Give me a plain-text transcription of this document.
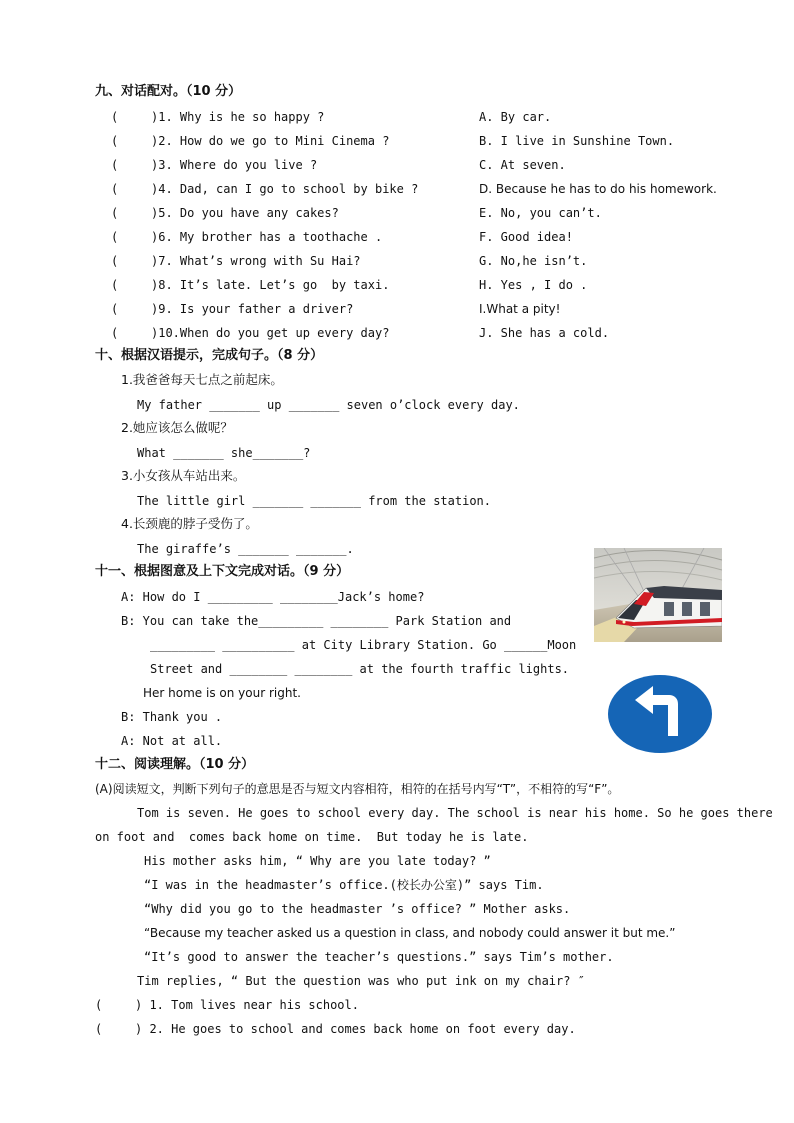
九、对话配对。（10 分）
(	)1. Why is he so happy ?	A. By car.
(	)2. How do we go to Mini Cinema ?	B. I live in Sunshine Town.
(	)3. Where do you live ?	C. At seven.
(	)4. Dad, can I go to school by bike ?	D. Because he has to do his homework.
(	)5. Do you have any cakes?	E. No, you can’t.
(	)6. My brother has a toothache .	F. Good idea!
(	)7. What’s wrong with Su Hai?	G. No,he isn’t.
(	)8. It’s late. Let’s go  by taxi.	H. Yes , I do .
(	)9. Is your father a driver?	I.What a pity!
(	)10.When do you get up every day?	J. She has a cold.
十、根据汉语提示，完成句子。（8 分）
1.我爸爸每天七点之前起床。
My father _______ up _______ seven o’clock every day.
2.她应该怎么做呢？
What _______ she_______?
3.小女孩从车站出来。
The little girl _______ _______ from the station.
4.长颈鹿的脖子受伤了。
The giraffe’s _______ _______.
十一、根据图意及上下文完成对话。（9 分）
A: How do I _________ ________Jack’s home?
B: You can take the_________ ________ Park Station and
_________ __________ at City Library Station. Go ______Moon
Street and ________ ________ at the fourth traffic lights.
Her home is on your right.
B: Thank you .
A: Not at all.
十二、阅读理解。（10 分）
(A)阅读短文，判断下列句子的意思是否与短文内容相符，相符的在括号内写“T”，不相符的写“F”。
Tom is seven. He goes to school every day. The school is near his home. So he goes there
on foot and  comes back home on time.  But today he is late.
His mother asks him, “ Why are you late today? ”
“I was in the headmaster’s office.(校长办公室)” says Tim.
“Why did you go to the headmaster ’s office? ” Mother asks.
“Because my teacher asked us a question in class, and nobody could answer it but me.”
“It’s good to answer the teacher’s questions.” says Tim’s mother.
Tim replies, “ But the question was who put ink on my chair? ″
(	) 1. Tom lives near his school.
(	) 2. He goes to school and comes back home on foot every day.
